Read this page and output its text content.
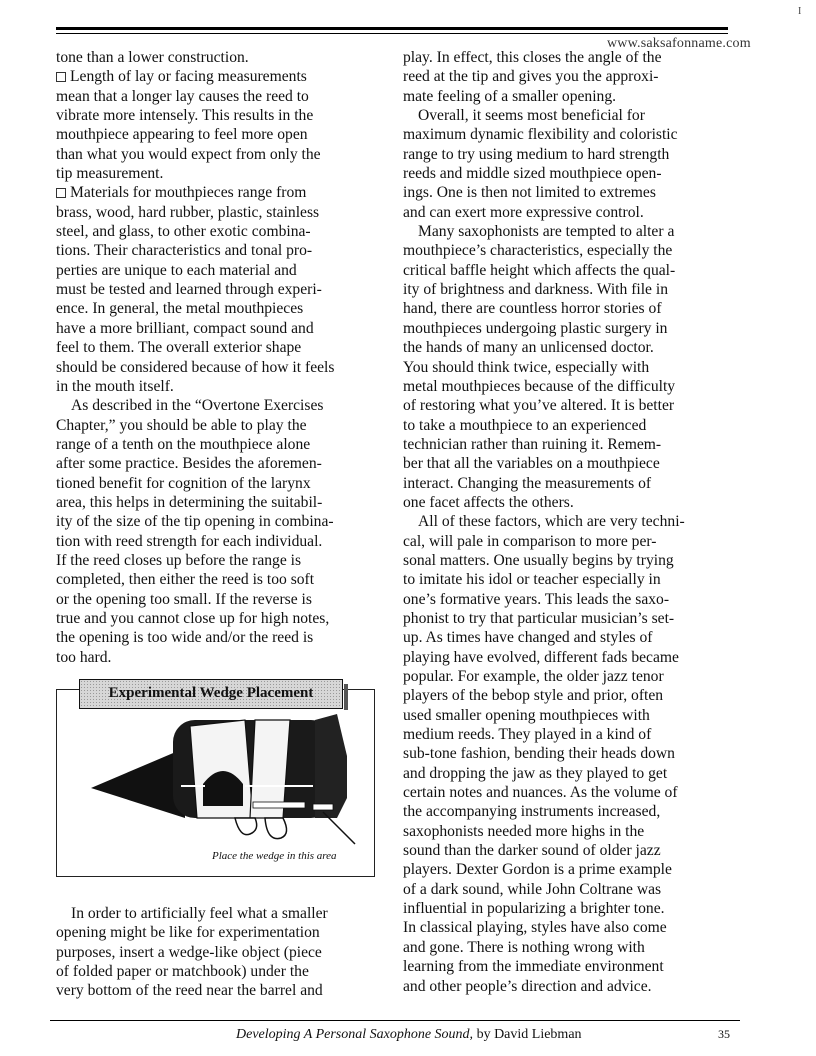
I
www.saksafonname.com

tone than a lower construction.

Length of lay or facing measurements

mean that a longer lay causes the reed to

vibrate more intensely. This results in the

mouthpiece appearing to feel more open

than what you would expect from only the

tip measurement.

Materials for mouthpieces range from

brass, wood, hard rubber, plastic, stainless

steel, and glass, to other exotic combina-

tions. Their characteristics and tonal pro-

perties are unique to each material and

must be tested and learned through experi-

ence. In general, the metal mouthpieces

have a more brilliant, compact sound and

feel to them. The overall exterior shape

should be considered because of how it feels

in the mouth itself.

As described in the “Overtone Exercises

Chapter,” you should be able to play the

range of a tenth on the mouthpiece alone

after some practice. Besides the aforemen-

tioned benefit for cognition of the larynx

area, this helps in determining the suitabil-

ity of the size of the tip opening in combina-

tion with reed strength for each individual.

If the reed closes up before the range is

completed, then either the reed is too soft

or the opening too small. If the reverse is

true and you cannot close up for high notes,

the opening is too wide and/or the reed is

too hard.

Experimental Wedge Placement
Place the wedge in this area

In order to artificially feel what a smaller

opening might be like for experimentation

purposes, insert a wedge-like object (piece

of folded paper or matchbook) under the

very bottom of the reed near the barrel and

play. In effect, this closes the angle of the

reed at the tip and gives you the approxi-

mate feeling of a smaller opening.

Overall, it seems most beneficial for

maximum dynamic flexibility and coloristic

range to try using medium to hard strength

reeds and middle sized mouthpiece open-

ings. One is then not limited to extremes

and can exert more expressive control.

Many saxophonists are tempted to alter a

mouthpiece’s characteristics, especially the

critical baffle height which affects the qual-

ity of brightness and darkness. With file in

hand, there are countless horror stories of

mouthpieces undergoing plastic surgery in

the hands of many an unlicensed doctor.

You should think twice, especially with

metal mouthpieces because of the difficulty

of restoring what you’ve altered. It is better

to take a mouthpiece to an experienced

technician rather than ruining it. Remem-

ber that all the variables on a mouthpiece

interact. Changing the measurements of

one facet affects the others.

All of these factors, which are very techni-

cal, will pale in comparison to more per-

sonal matters. One usually begins by trying

to imitate his idol or teacher especially in

one’s formative years. This leads the saxo-

phonist to try that particular musician’s set-

up. As times have changed and styles of

playing have evolved, different fads became

popular. For example, the older jazz tenor

players of the bebop style and prior, often

used smaller opening mouthpieces with

medium reeds. They played in a kind of

sub-tone fashion, bending their heads down

and dropping the jaw as they played to get

certain notes and nuances. As the volume of

the accompanying instruments increased,

saxophonists needed more highs in the

sound than the darker sound of older jazz

players. Dexter Gordon is a prime example

of a dark sound, while John Coltrane was

influential in popularizing a brighter tone.

In classical playing, styles have also come

and gone. There is nothing wrong with

learning from the immediate environment

and other people’s direction and advice.

Developing A Personal Saxophone Sound, by David Liebman	35
